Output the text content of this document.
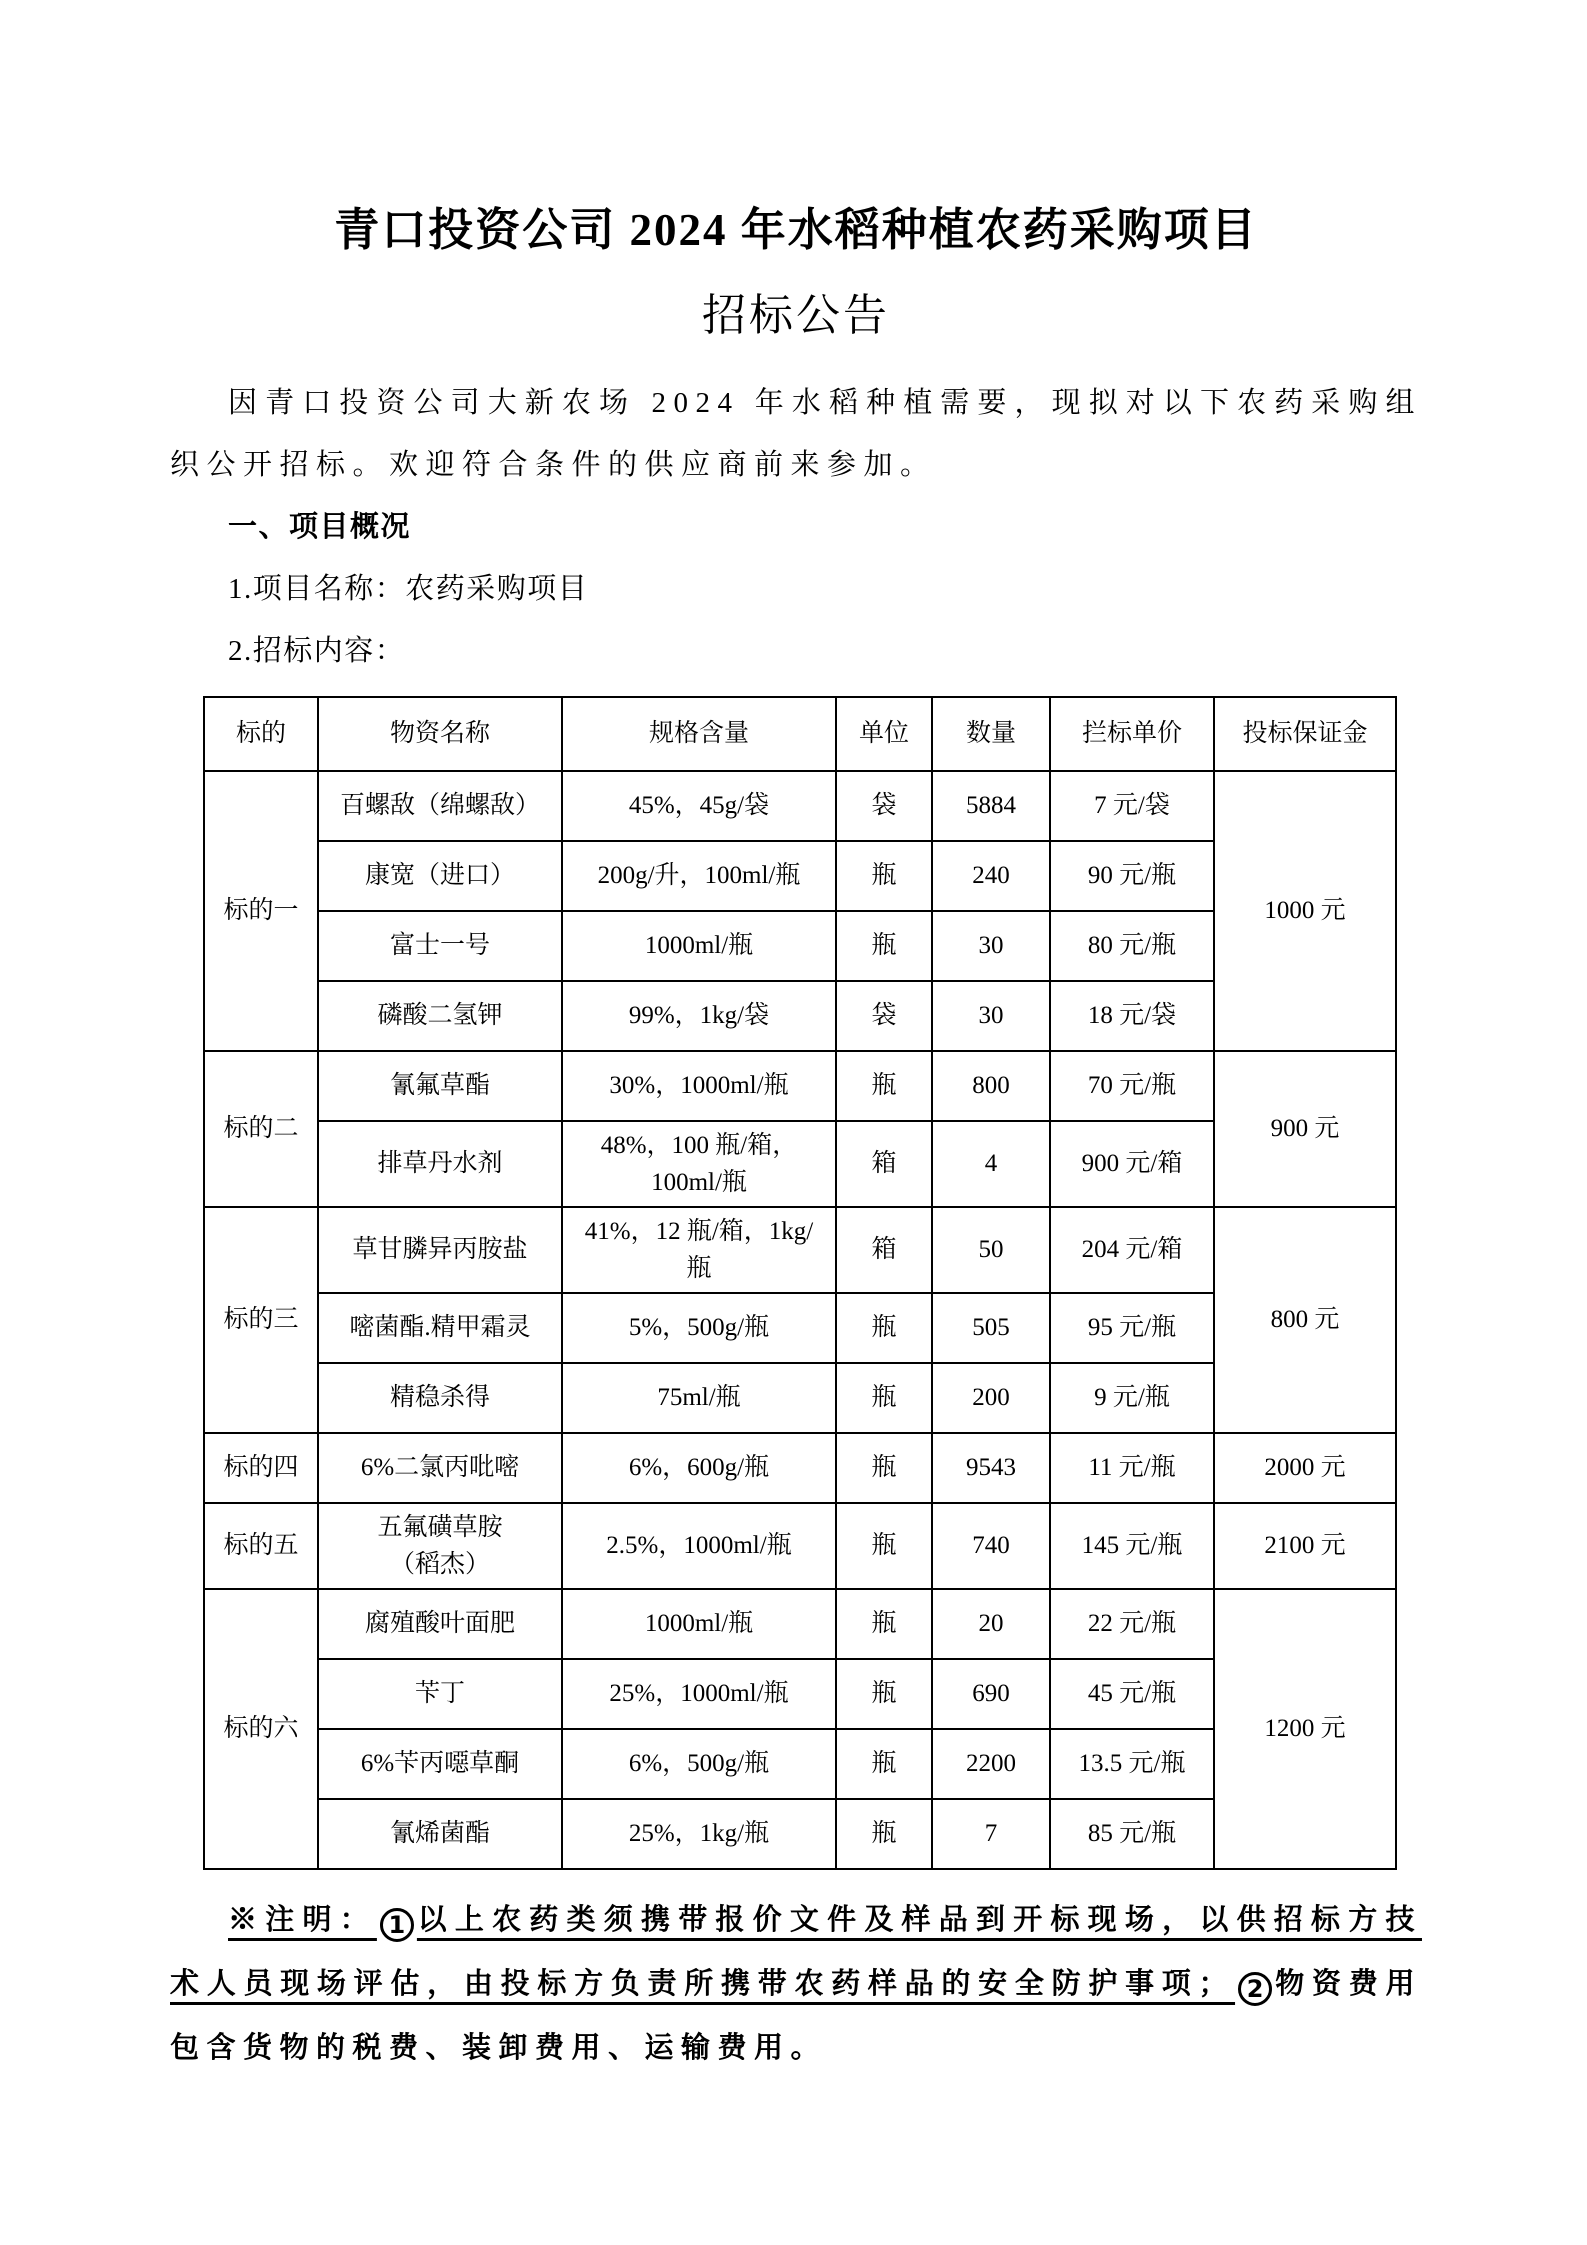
青口投资公司 2024 年水稻种植农药采购项目
招标公告

因青口投资公司大新农场 2024 年水稻种植需要，现拟对以下农药采购组织公开招标。欢迎符合条件的供应商前来参加。

一、项目概况

1.项目名称：农药采购项目

2.招标内容：

标的	物资名称	规格含量	单位	数量	拦标单价	投标保证金
标的一	百螺敌（绵螺敌）	45%，45g/袋	袋	5884	7 元/袋	1000 元
	康宽（进口）	200g/升，100ml/瓶	瓶	240	90 元/瓶	
	富士一号	1000ml/瓶	瓶	30	80 元/瓶	
	磷酸二氢钾	99%，1kg/袋	袋	30	18 元/袋	
标的二	氰氟草酯	30%，1000ml/瓶	瓶	800	70 元/瓶	900 元
	排草丹水剂	48%，100 瓶/箱，100ml/瓶	箱	4	900 元/箱	
标的三	草甘膦异丙胺盐	41%，12 瓶/箱，1kg/瓶	箱	50	204 元/箱	800 元
	嘧菌酯.精甲霜灵	5%，500g/瓶	瓶	505	95 元/瓶	
	精稳杀得	75ml/瓶	瓶	200	9 元/瓶	
标的四	6%二氯丙吡嘧	6%，600g/瓶	瓶	9543	11 元/瓶	2000 元
标的五	五氟磺草胺（稻杰）	2.5%，1000ml/瓶	瓶	740	145 元/瓶	2100 元
标的六	腐殖酸叶面肥	1000ml/瓶	瓶	20	22 元/瓶	1200 元
	苄丁	25%，1000ml/瓶	瓶	690	45 元/瓶	
	6%苄丙噁草酮	6%，500g/瓶	瓶	2200	13.5 元/瓶	
	氰烯菌酯	25%，1kg/瓶	瓶	7	85 元/瓶	

※注明： 1 以上农药类须携带报价文件及样品到开标现场，以供招标方技术人员现场评估，由投标方负责所携带农药样品的安全防护事项； 2 物资费用包含货物的税费、装卸费用、运输费用。
